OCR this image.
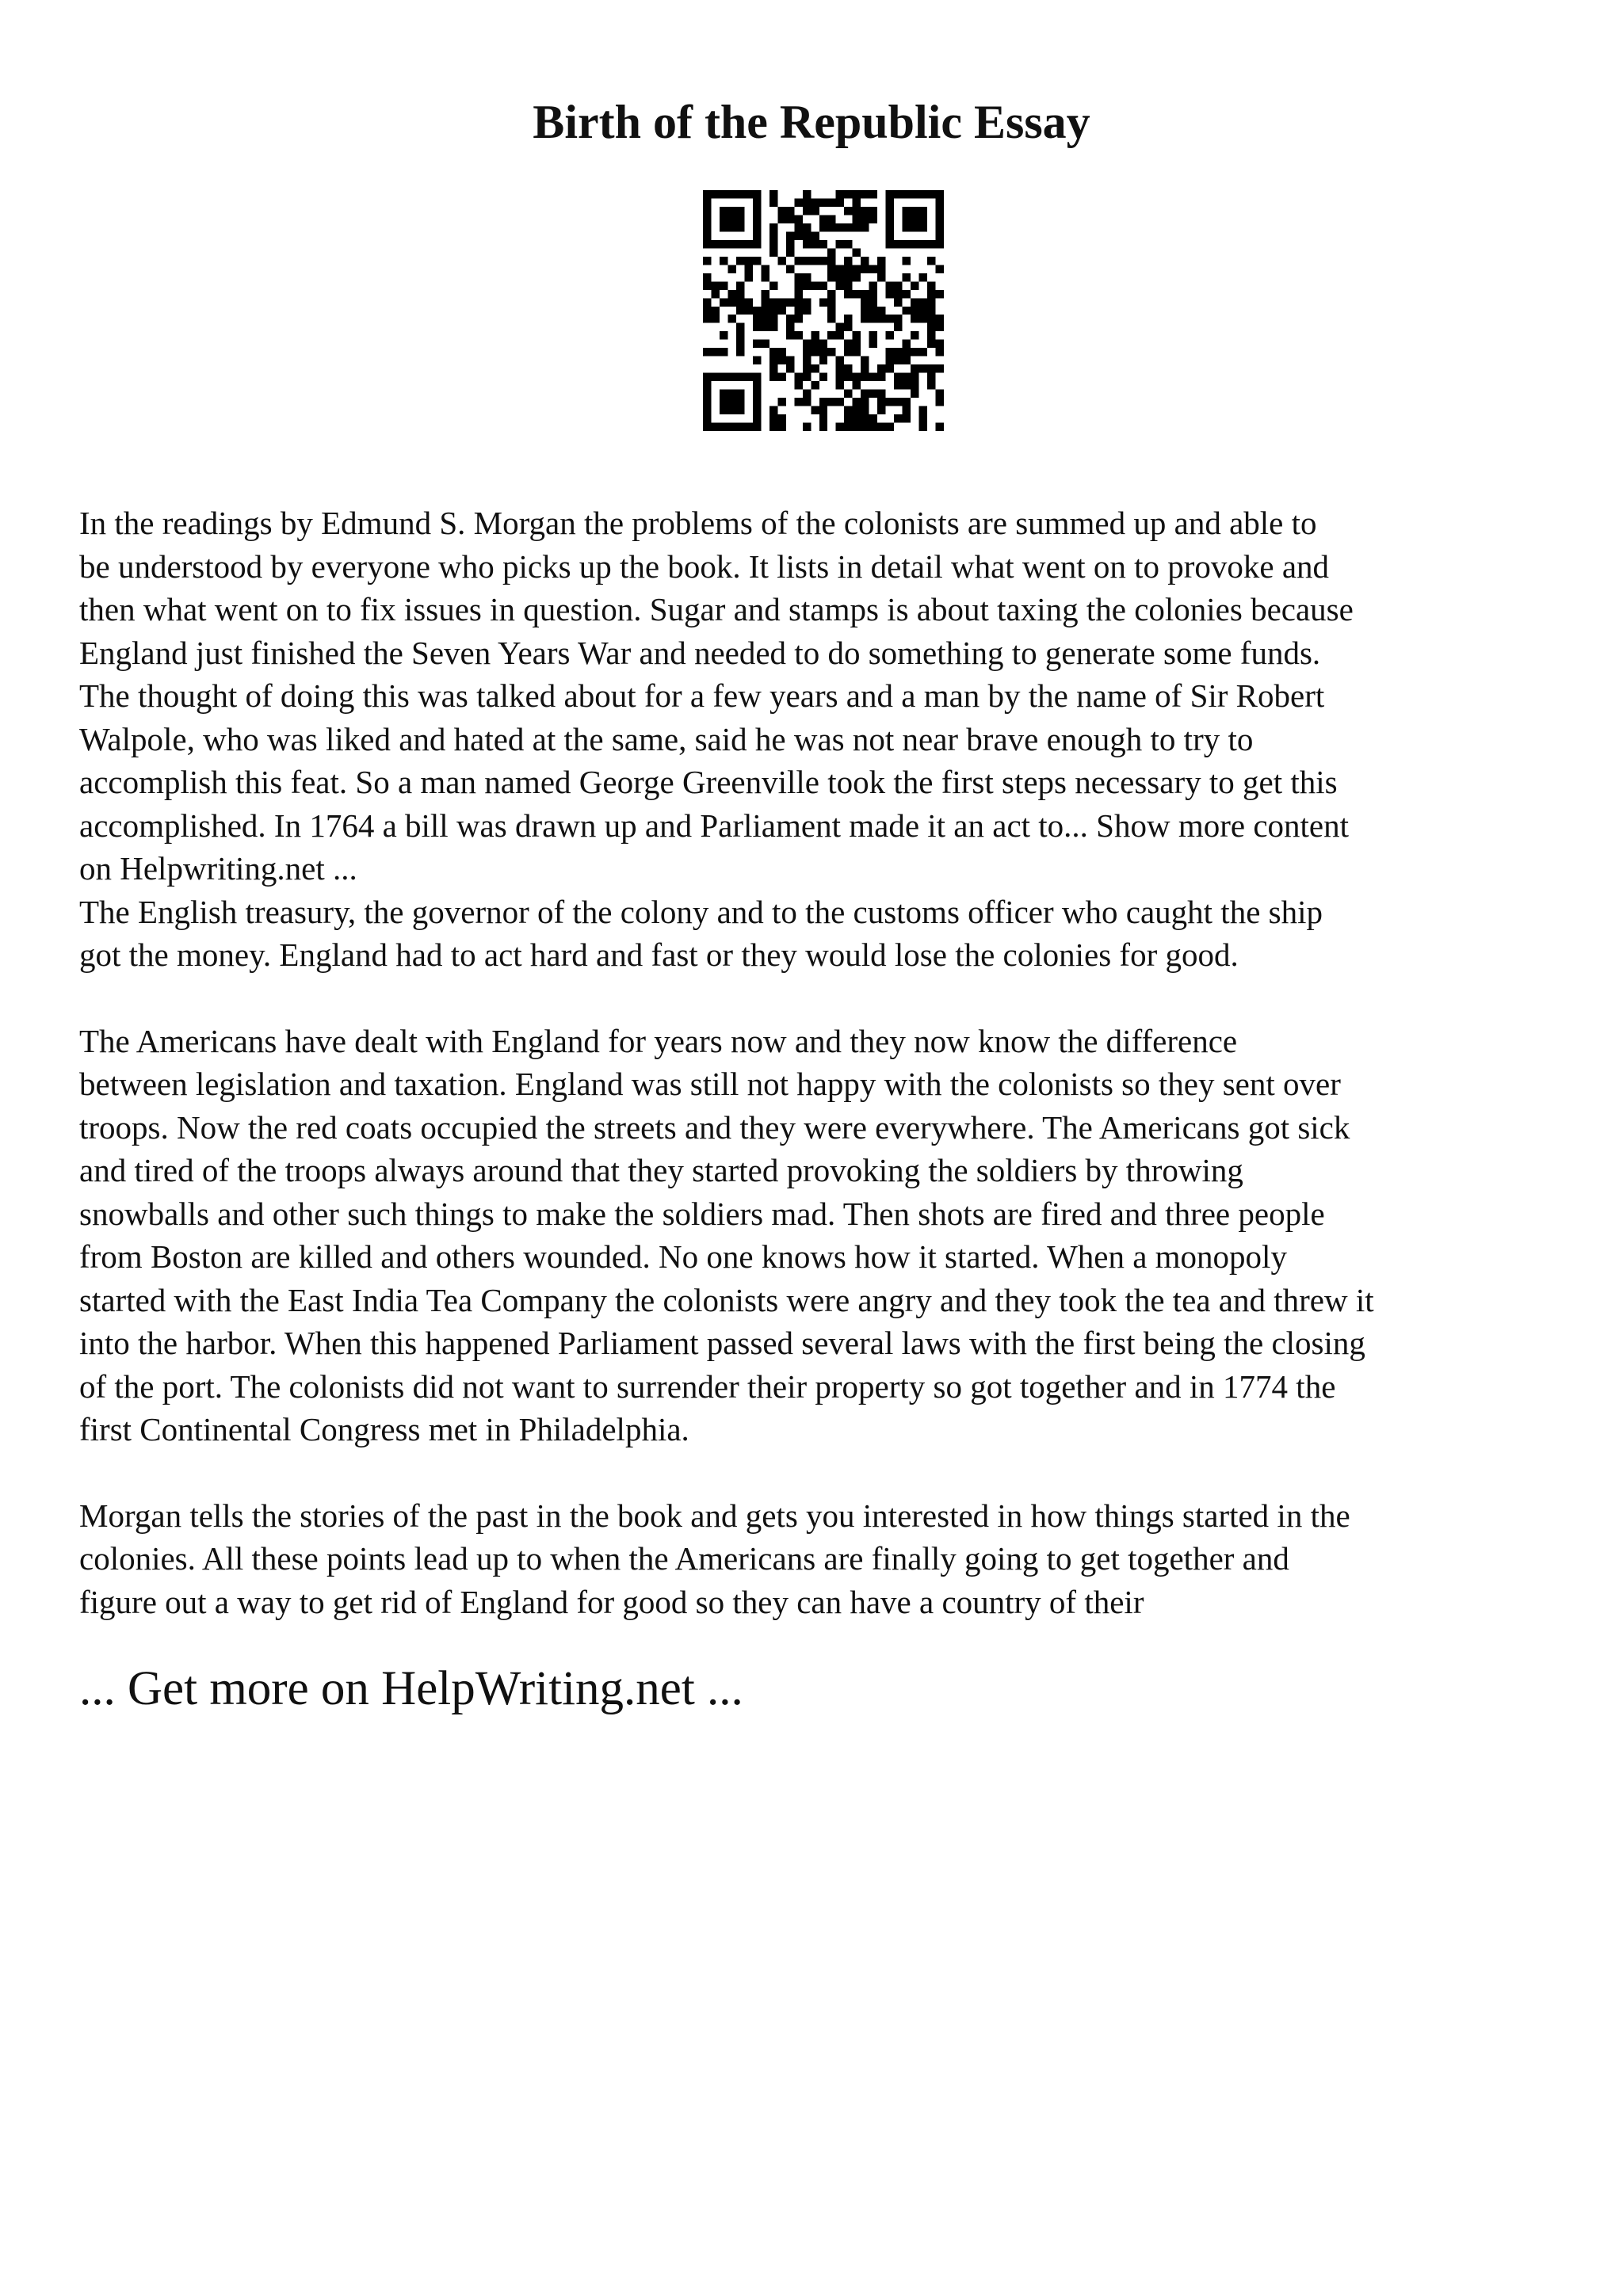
Birth of the Republic Essay

In the readings by Edmund S. Morgan the problems of the colonists are summed up and able to
be understood by everyone who picks up the book. It lists in detail what went on to provoke and
then what went on to fix issues in question. Sugar and stamps is about taxing the colonies because
England just finished the Seven Years War and needed to do something to generate some funds.
The thought of doing this was talked about for a few years and a man by the name of Sir Robert
Walpole, who was liked and hated at the same, said he was not near brave enough to try to
accomplish this feat. So a man named George Greenville took the first steps necessary to get this
accomplished. In 1764 a bill was drawn up and Parliament made it an act to... Show more content
on Helpwriting.net ...

The English treasury, the governor of the colony and to the customs officer who caught the ship
got the money. England had to act hard and fast or they would lose the colonies for good.

The Americans have dealt with England for years now and they now know the difference
between legislation and taxation. England was still not happy with the colonists so they sent over
troops. Now the red coats occupied the streets and they were everywhere. The Americans got sick
and tired of the troops always around that they started provoking the soldiers by throwing
snowballs and other such things to make the soldiers mad. Then shots are fired and three people
from Boston are killed and others wounded. No one knows how it started. When a monopoly
started with the East India Tea Company the colonists were angry and they took the tea and threw it
into the harbor. When this happened Parliament passed several laws with the first being the closing
of the port. The colonists did not want to surrender their property so got together and in 1774 the
first Continental Congress met in Philadelphia.

Morgan tells the stories of the past in the book and gets you interested in how things started in the
colonies. All these points lead up to when the Americans are finally going to get together and
figure out a way to get rid of England for good so they can have a country of their

... Get more on HelpWriting.net ...
